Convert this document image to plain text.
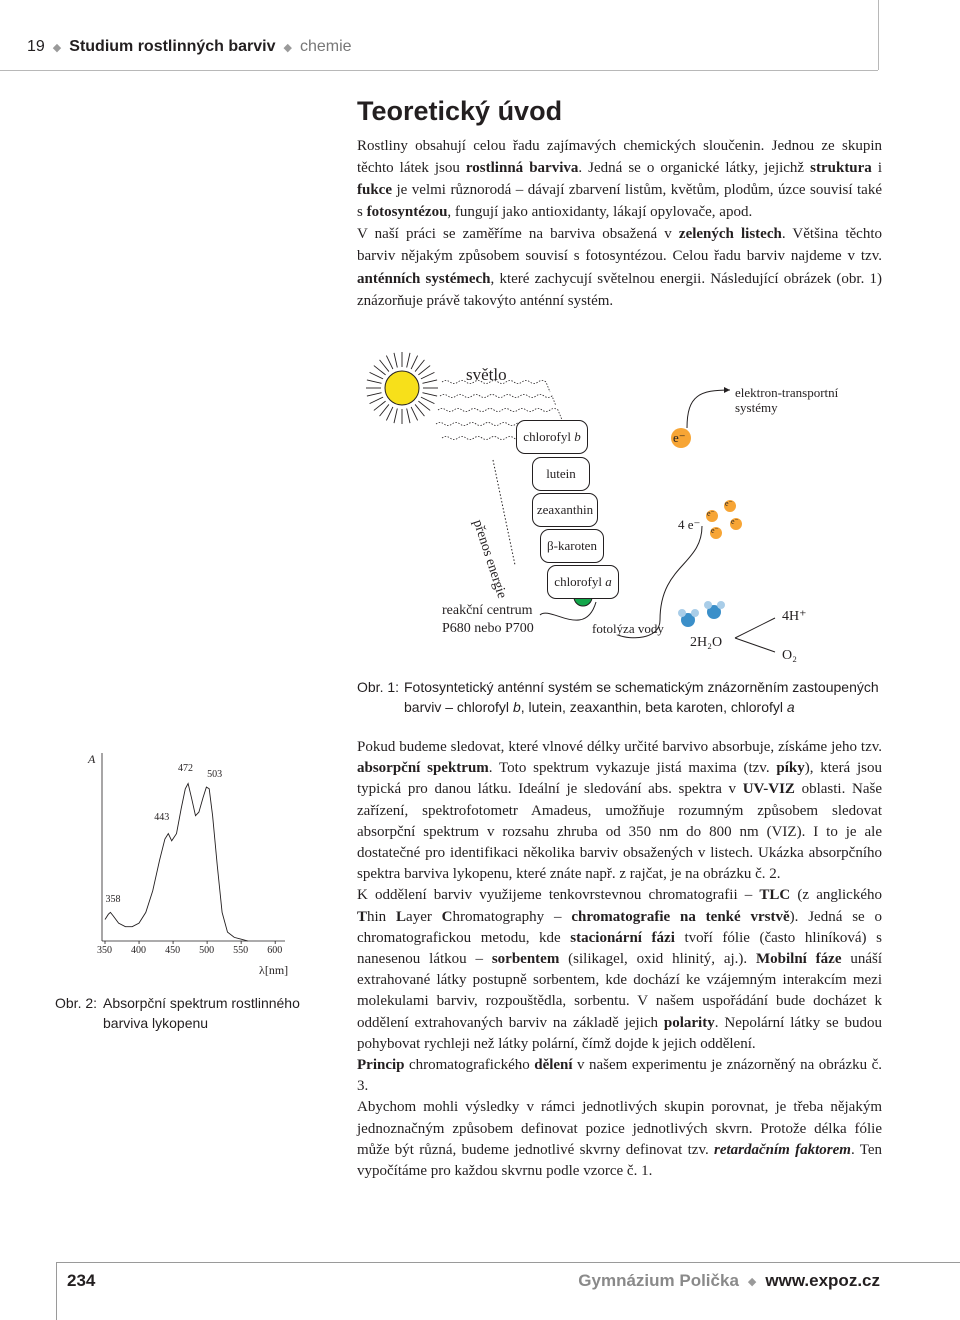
19 ◆ Studium rostlinných barviv ◆ chemie
Teoretický úvod

Rostliny obsahují celou řadu zajímavých chemických sloučenin. Jednou ze skupin těchto látek jsou rostlinná barviva. Jedná se o organické látky, jejichž struktura i fukce je velmi různorodá – dávají zbarvení listům, květům, plodům, úzce souvisí také s fotosyntézou, fungují jako antioxidanty, lákají opylovače, apod.

V naší práci se zaměříme na barviva obsažená v zelených listech. Většina těchto barviv nějakým způsobem souvisí s fotosyntézou. Celou řadu barviv najdeme v tzv. anténních systémech, které zachycují světelnou energii. Následující obrázek (obr. 1) znázorňuje právě takovýto anténní systém.

světlo
elektron-transportní
systémy
e⁻
4 e⁻
e⁻
e⁻
e⁻
e⁻
přenos energie
chlorofyl
b
lutein
zeaxanthin
β-karoten
chlorofyl
a
reakční centrum
P680 nebo P700	fotolýza vody
2H₂O
4H⁺
O₂
Obr. 1: Fotosyntetický anténní systém se schematickým znázorněním zastoupených barviv – chlorofyl b, lutein, zeaxanthin, beta karoten, chlorofyl a
350 400 450 500 550 600
358
443
472 503
A
λ[nm]
Obr. 2: Absorpční spektrum rostlinného barviva lykopenu

Pokud budeme sledovat, které vlnové délky určité barvivo absorbuje, získáme jeho tzv. absorpční spektrum. Toto spektrum vykazuje jistá maxima (tzv. píky), která jsou typická pro danou látku. Ideální je sledování abs. spektra v UV-VIZ oblasti. Naše zařízení, spektrofotometr Amadeus, umožňuje rozumným způsobem sledovat absorpční spektrum v rozsahu zhruba od 350 nm do 800 nm (VIZ). I to je ale dostatečné pro identifikaci několika barviv obsažených v listech. Ukázka absorpčního spektra barviva lykopenu, které znáte např. z rajčat, je na obrázku č. 2.

K oddělení barviv využijeme tenkovrstevnou chromatografii – TLC (z anglického Thin Layer Chromatography – chromatografie na tenké vrstvě). Jedná se o chromatografickou metodu, kde stacionární fázi tvoří fólie (často hliníková) s nanesenou látkou – sorbentem (silikagel, oxid hlinitý, aj.). Mobilní fáze unáší extrahované látky postupně sorbentem, kde dochází ke vzájemným interakcím mezi molekulami barviv, rozpouštědla, sorbentu. V našem uspořádání bude docházet k oddělení extrahovaných barviv na základě jejich polarity. Nepolární látky se budou pohybovat rychleji než látky polární, čímž dojde k jejich oddělení.

Princip chromatografického dělení v našem experimentu je znázorněný na obrázku č. 3.

Abychom mohli výsledky v rámci jednotlivých skupin porovnat, je třeba nějakým jednoznačným způsobem definovat pozice jednotlivých skvrn. Protože délka fólie může být různá, budeme jednotlivé skvrny definovat tzv. retardačním faktorem. Ten vypočítáme pro každou skvrnu podle vzorce č. 1.

234	Gymnázium Polička ◆ www.expoz.cz
